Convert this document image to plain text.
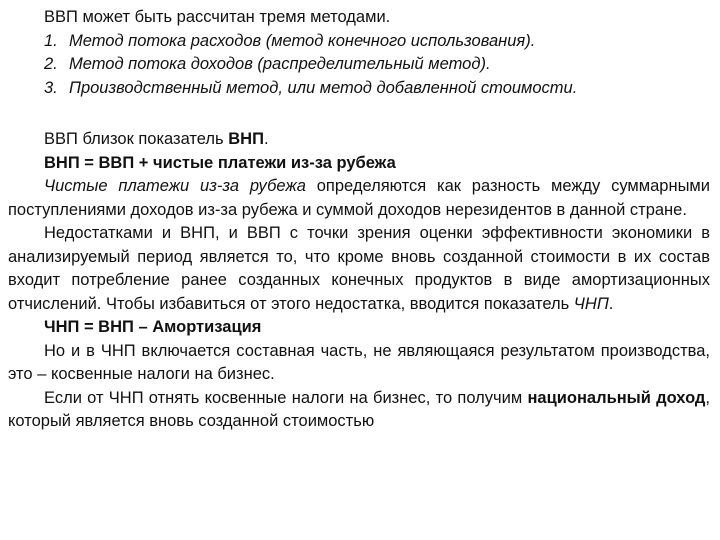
ВВП может быть рассчитан тремя методами.
1. Метод потока расходов (метод конечного использования).
2. Метод потока доходов (распределительный метод).
3. Производственный метод, или метод добавленной стоимости.
ВВП близок показатель ВНП.
ВНП = ВВП + чистые платежи из-за рубежа
Чистые платежи из-за рубежа определяются как разность между суммарными поступлениями доходов из-за рубежа и суммой доходов нерезидентов в данной стране.
Недостатками и ВНП, и ВВП с точки зрения оценки эффективности экономики в анализируемый период является то, что кроме вновь созданной стоимости в их состав входит потребление ранее созданных конечных продуктов в виде амортизационных отчислений. Чтобы избавиться от этого недостатка, вводится показатель ЧНП.
ЧНП = ВНП – Амортизация
Но и в ЧНП включается составная часть, не являющаяся результатом производства, это – косвенные налоги на бизнес.
Если от ЧНП отнять косвенные налоги на бизнес, то получим национальный доход, который является вновь созданной стоимостью
